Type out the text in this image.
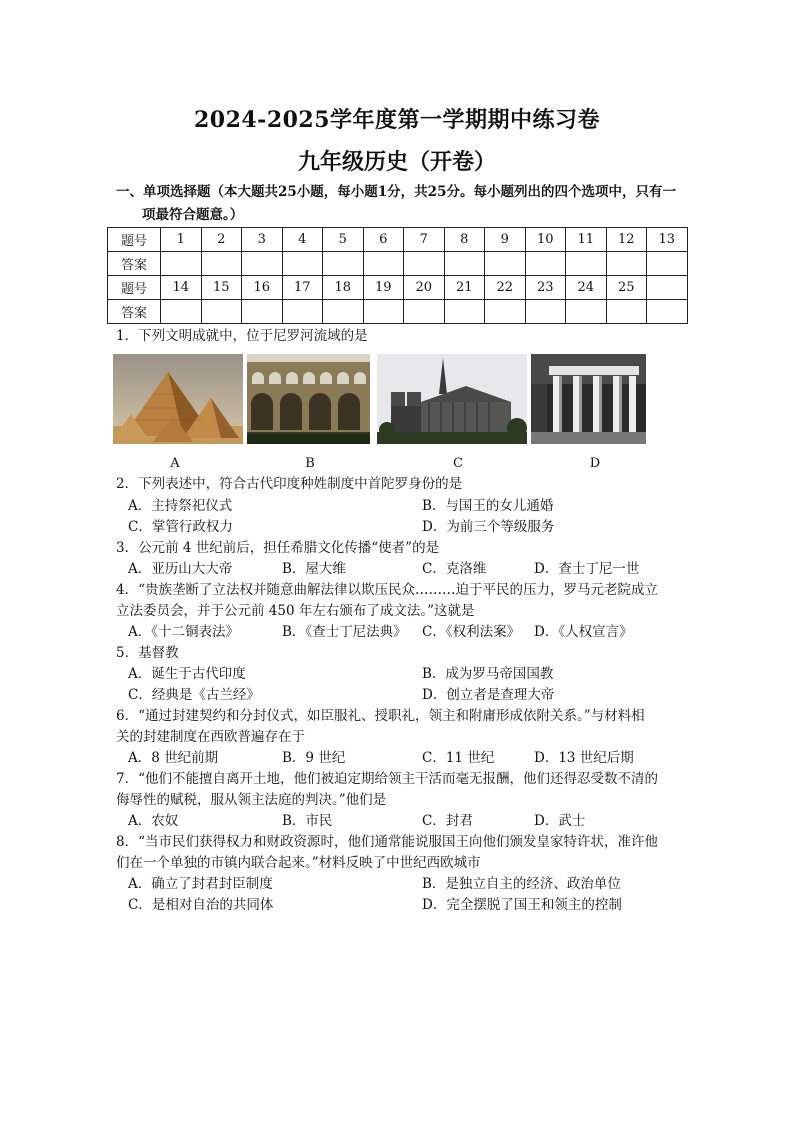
2024-2025学年度第一学期期中练习卷
九年级历史（开卷）
一、单项选择题（本大题共25小题，每小题1分，共25分。每小题列出的四个选项中，只有一
项最符合题意。）
题号	1	2	3	4	5	6	7	8	9	10	11	12	13
答案													
题号	14	15	16	17	18	19	20	21	22	23	24	25	
答案													
1．下列文明成就中，位于尼罗河流域的是
A	B	C	D
2．下列表述中，符合古代印度种姓制度中首陀罗身份的是
A．主持祭祀仪式	B．与国王的女儿通婚
C．掌管行政权力	D．为前三个等级服务
3．公元前 4 世纪前后，担任希腊文化传播“使者”的是
A．亚历山大大帝	B．屋大维	C．克洛维	D．查士丁尼一世
4．“贵族垄断了立法权并随意曲解法律以欺压民众………迫于平民的压力，罗马元老院成立
立法委员会，并于公元前 450 年左右颁布了成文法。”这就是
A．《十二铜表法》	B．《查士丁尼法典》 C．《权利法案》 D．《人权宣言》
5．基督教
A．诞生于古代印度	B．成为罗马帝国国教
C．经典是《古兰经》	D．创立者是查理大帝
6．“通过封建契约和分封仪式，如臣服礼、授职礼，领主和附庸形成依附关系。”与材料相
关的封建制度在西欧普遍存在于
A．8 世纪前期	B．9 世纪	C．11 世纪	D．13 世纪后期
7．“他们不能擅自离开土地，他们被迫定期给领主干活而毫无报酬，他们还得忍受数不清的
侮辱性的赋税，服从领主法庭的判决。”他们是
A．农奴	B．市民	C．封君	D．武士
8．“当市民们获得权力和财政资源时，他们通常能说服国王向他们颁发皇家特许状，准许他
们在一个单独的市镇内联合起来。”材料反映了中世纪西欧城市
A．确立了封君封臣制度	B．是独立自主的经济、政治单位
C．是相对自治的共同体	D．完全摆脱了国王和领主的控制
